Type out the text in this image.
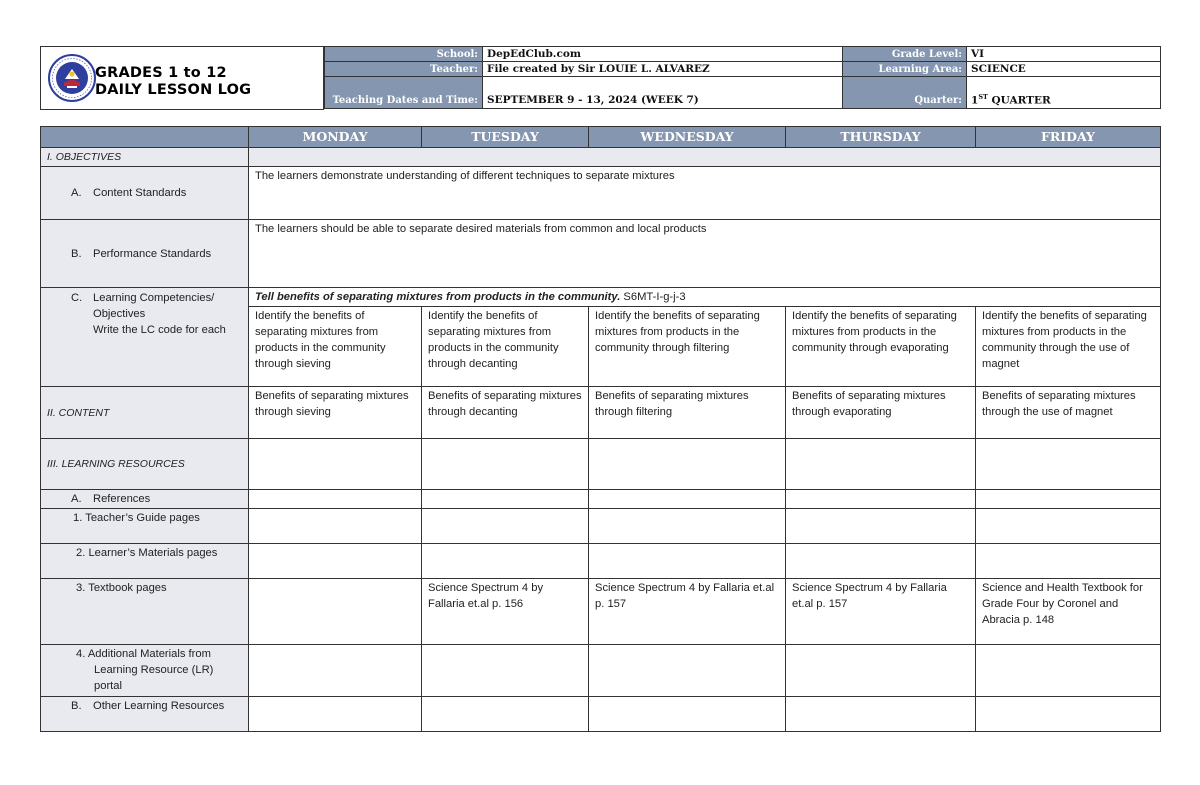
GRADES 1 to 12
DAILY LESSON LOG
School:	DepEdClub.com	Grade Level:	VI
Teacher:	File created by Sir LOUIE L. ALVAREZ	Learning Area:	SCIENCE
Teaching Dates and Time:	SEPTEMBER 9 - 13, 2024 (WEEK 7)	Quarter:	1ST QUARTER
	MONDAY	TUESDAY	WEDNESDAY	THURSDAY	FRIDAY
I. OBJECTIVES					
A. Content Standards	The learners demonstrate understanding of different techniques to separate mixtures				
B. Performance Standards	The learners should be able to separate desired materials from common and local products				

C. Learning Competencies/
Objectives
Write the LC code for each	Tell benefits of separating mixtures from products in the community. S6MT-I-g-j-3				
	Identify the benefits of separating mixtures from products in the community through sieving	Identify the benefits of separating mixtures from products in the community through decanting	Identify the benefits of separating mixtures from products in the community through filtering	Identify the benefits of separating mixtures from products in the community through evaporating	Identify the benefits of separating mixtures from products in the community through the use of magnet
II. CONTENT	Benefits of separating mixtures through sieving	Benefits of separating mixtures through decanting	Benefits of separating mixtures through filtering	Benefits of separating mixtures through evaporating	Benefits of separating mixtures through the use of magnet
III. LEARNING RESOURCES					
A. References					
1. Teacher’s Guide pages					
2. Learner’s Materials pages					
3. Textbook pages		Science Spectrum 4 by Fallaria et.al p. 156	Science Spectrum 4 by Fallaria et.al p. 157	Science Spectrum 4 by Fallaria et.al p. 157	Science and Health Textbook for Grade Four by Coronel and Abracia p. 148

4. Additional Materials from
Learning Resource (LR)
portal					

B. Other Learning Resources					
